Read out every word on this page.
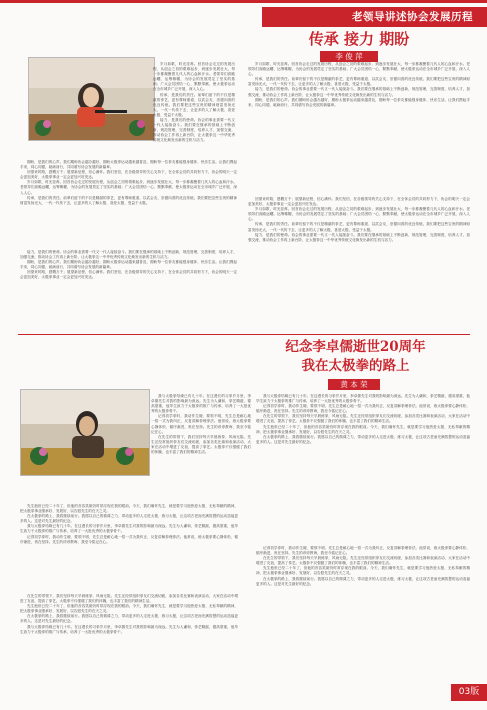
老领导讲述协会发展历程
传承 接力 期盼
李 俊 萍

岁月如歌，时光荏苒。回首协会走过的发展历程，从创会之初的艰难起步，到逐步发展壮大，每一步都凝聚着几代人的心血和汗水。老领导们高瞻远瞩、运筹帷幄，为协会的发展奠定了坚实的基础；广大会员团结一心、默默奉献，使太极拳运动在全市城乡广泛开展，深入人心。

传承，是我们的责任。前辈们留下的不仅是精湛的拳艺，更有尊师重道、以武会友、崇德向善的优良传统。我们要把这些宝贵的精神财富发扬光大，一代一代传下去，让更多的人了解太极、喜爱太极、受益于太极。

接力，是我们的使命。协会的事业需要一代又一代人接续奋斗。我们要在继承的基础上不断创新，规范管理，完善制度，培养人才，加强交流，推动协会工作再上新台阶，让太极拳这一中华优秀传统文化焕发出新的生机与活力。

期盼，是我们的心声。我们期盼协会越办越好，期盼太极拳运动越来越普及，期盼每一位拳友都能强身健体、快乐生活。让我们携起手来，同心同德，砥砺前行，共同谱写协会发展的新篇章。

回望来时路，感慨万千；展望新征程，信心满怀。我们坚信，在各级领导的关心支持下，在全体会员的共同努力下，协会的明天一定会更加美好，太极拳事业一定会更加兴旺发达。

岁月如歌，时光荏苒。回首协会走过的发展历程，从创会之初的艰难起步，到逐步发展壮大，每一步都凝聚着几代人的心血和汗水。老领导们高瞻远瞩、运筹帷幄，为协会的发展奠定了坚实的基础；广大会员团结一心、默默奉献，使太极拳运动在全市城乡广泛开展，深入人心。

传承，是我们的责任。前辈们留下的不仅是精湛的拳艺，更有尊师重道、以武会友、崇德向善的优良传统。我们要把这些宝贵的精神财富发扬光大，一代一代传下去，让更多的人了解太极、喜爱太极、受益于太极。

接力，是我们的使命。协会的事业需要一代又一代人接续奋斗。我们要在继承的基础上不断创新，规范管理，完善制度，培养人才，加强交流，推动协会工作再上新台阶，让太极拳这一中华优秀传统文化焕发出新的生机与活力。

期盼，是我们的心声。我们期盼协会越办越好，期盼太极拳运动越来越普及，期盼每一位拳友都能强身健体、快乐生活。让我们携起手来，同心同德，砥砺前行，共同谱写协会发展的新篇章。

回望来时路，感慨万千；展望新征程，信心满怀。我们坚信，在各级领导的关心支持下，在全体会员的共同努力下，协会的明天一定会更加美好，太极拳事业一定会更加兴旺发达。

岁月如歌，时光荏苒。回首协会走过的发展历程，从创会之初的艰难起步，到逐步发展壮大，每一步都凝聚着几代人的心血和汗水。老领导们高瞻远瞩、运筹帷幄，为协会的发展奠定了坚实的基础；广大会员团结一心、默默奉献，使太极拳运动在全市城乡广泛开展，深入人心。

传承，是我们的责任。前辈们留下的不仅是精湛的拳艺，更有尊师重道、以武会友、崇德向善的优良传统。我们要把这些宝贵的精神财富发扬光大，一代一代传下去，让更多的人了解太极、喜爱太极、受益于太极。

接力，是我们的使命。协会的事业需要一代又一代人接续奋斗。我们要在继承的基础上不断创新，规范管理，完善制度，培养人才，加强交流，推动协会工作再上新台阶，让太极拳这一中华优秀传统文化焕发出新的生机与活力。

期盼，是我们的心声。我们期盼协会越办越好，期盼太极拳运动越来越普及，期盼每一位拳友都能强身健体、快乐生活。让我们携起手来，同心同德，砥砺前行，共同谱写协会发展的新篇章。

回望来时路，感慨万千；展望新征程，信心满怀。我们坚信，在各级领导的关心支持下，在全体会员的共同努力下，协会的明天一定会更加美好，太极拳事业一定会更加兴旺发达。

岁月如歌，时光荏苒。回首协会走过的发展历程，从创会之初的艰难起步，到逐步发展壮大，每一步都凝聚着几代人的心血和汗水。老领导们高瞻远瞩、运筹帷幄，为协会的发展奠定了坚实的基础；广大会员团结一心、默默奉献，使太极拳运动在全市城乡广泛开展，深入人心。

传承，是我们的责任。前辈们留下的不仅是精湛的拳艺，更有尊师重道、以武会友、崇德向善的优良传统。我们要把这些宝贵的精神财富发扬光大，一代一代传下去，让更多的人了解太极、喜爱太极、受益于太极。

接力，是我们的使命。协会的事业需要一代又一代人接续奋斗。我们要在继承的基础上不断创新，规范管理，完善制度，培养人才，加强交流，推动协会工作再上新台阶，让太极拳这一中华优秀传统文化焕发出新的生机与活力。

纪念李卓儒逝世20周年
我在太极拳的路上
黄 本 荣

我与太极拳结缘已有几十年。在这漫长的习拳岁月里，李卓儒先生对我的影响最为深远。先生为人谦和，拳艺精湛，德高望重，他毕生致力于太极拳的推广与传承，培养了一大批优秀的太极拳骨干。

记得初学拳时，我动作生硬、要领不明，先生总是耐心地一招一式为我纠正，反复讲解拳理拳法。他常说，练太极拳要心静体松、循序渐进，贵在坚持。先生的谆谆教诲，我至今铭记在心。

在先生的带领下，我们坚持每天早晨练拳，风雨无阻。先生还经常组织拳友们交流切磋，参加各类比赛和表演活动，大家在活动中增进了友谊，提高了拳艺。太极拳不仅强健了我们的体魄，也丰富了我们的精神生活。

先生逝世已经二十年了，但他的音容笑貌仍时常浮现在我的眼前。今天，我们缅怀先生，就是要学习他热爱太极、无私奉献的精神，把太极拳事业继承好、发展好，以告慰先生的在天之灵。

在太极拳的路上，我将继续前行。我愿以自己的微薄之力，带动更多的人走进太极、练习太极，让这项古老而充满智慧的运动造福更多的人。这是对先生最好的纪念。

我与太极拳结缘已有几十年。在这漫长的习拳岁月里，李卓儒先生对我的影响最为深远。先生为人谦和，拳艺精湛，德高望重，他毕生致力于太极拳的推广与传承，培养了一大批优秀的太极拳骨干。

记得初学拳时，我动作生硬、要领不明，先生总是耐心地一招一式为我纠正，反复讲解拳理拳法。他常说，练太极拳要心静体松、循序渐进，贵在坚持。先生的谆谆教诲，我至今铭记在心。

在先生的带领下，我们坚持每天早晨练拳，风雨无阻。先生还经常组织拳友们交流切磋，参加各类比赛和表演活动，大家在活动中增进了友谊，提高了拳艺。太极拳不仅强健了我们的体魄，也丰富了我们的精神生活。

先生逝世已经二十年了，但他的音容笑貌仍时常浮现在我的眼前。今天，我们缅怀先生，就是要学习他热爱太极、无私奉献的精神，把太极拳事业继承好、发展好，以告慰先生的在天之灵。

在太极拳的路上，我将继续前行。我愿以自己的微薄之力，带动更多的人走进太极、练习太极，让这项古老而充满智慧的运动造福更多的人。这是对先生最好的纪念。

我与太极拳结缘已有几十年。在这漫长的习拳岁月里，李卓儒先生对我的影响最为深远。先生为人谦和，拳艺精湛，德高望重，他毕生致力于太极拳的推广与传承，培养了一大批优秀的太极拳骨干。

我与太极拳结缘已有几十年。在这漫长的习拳岁月里，李卓儒先生对我的影响最为深远。先生为人谦和，拳艺精湛，德高望重，他毕生致力于太极拳的推广与传承，培养了一大批优秀的太极拳骨干。

记得初学拳时，我动作生硬、要领不明，先生总是耐心地一招一式为我纠正，反复讲解拳理拳法。他常说，练太极拳要心静体松、循序渐进，贵在坚持。先生的谆谆教诲，我至今铭记在心。

在先生的带领下，我们坚持每天早晨练拳，风雨无阻。先生还经常组织拳友们交流切磋，参加各类比赛和表演活动，大家在活动中增进了友谊，提高了拳艺。太极拳不仅强健了我们的体魄，也丰富了我们的精神生活。

先生逝世已经二十年了，但他的音容笑貌仍时常浮现在我的眼前。今天，我们缅怀先生，就是要学习他热爱太极、无私奉献的精神，把太极拳事业继承好、发展好，以告慰先生的在天之灵。

在太极拳的路上，我将继续前行。我愿以自己的微薄之力，带动更多的人走进太极、练习太极，让这项古老而充满智慧的运动造福更多的人。这是对先生最好的纪念。

记得初学拳时，我动作生硬、要领不明，先生总是耐心地一招一式为我纠正，反复讲解拳理拳法。他常说，练太极拳要心静体松、循序渐进，贵在坚持。先生的谆谆教诲，我至今铭记在心。

在先生的带领下，我们坚持每天早晨练拳，风雨无阻。先生还经常组织拳友们交流切磋，参加各类比赛和表演活动，大家在活动中增进了友谊，提高了拳艺。太极拳不仅强健了我们的体魄，也丰富了我们的精神生活。

先生逝世已经二十年了，但他的音容笑貌仍时常浮现在我的眼前。今天，我们缅怀先生，就是要学习他热爱太极、无私奉献的精神，把太极拳事业继承好、发展好，以告慰先生的在天之灵。

在太极拳的路上，我将继续前行。我愿以自己的微薄之力，带动更多的人走进太极、练习太极，让这项古老而充满智慧的运动造福更多的人。这是对先生最好的纪念。

03版
